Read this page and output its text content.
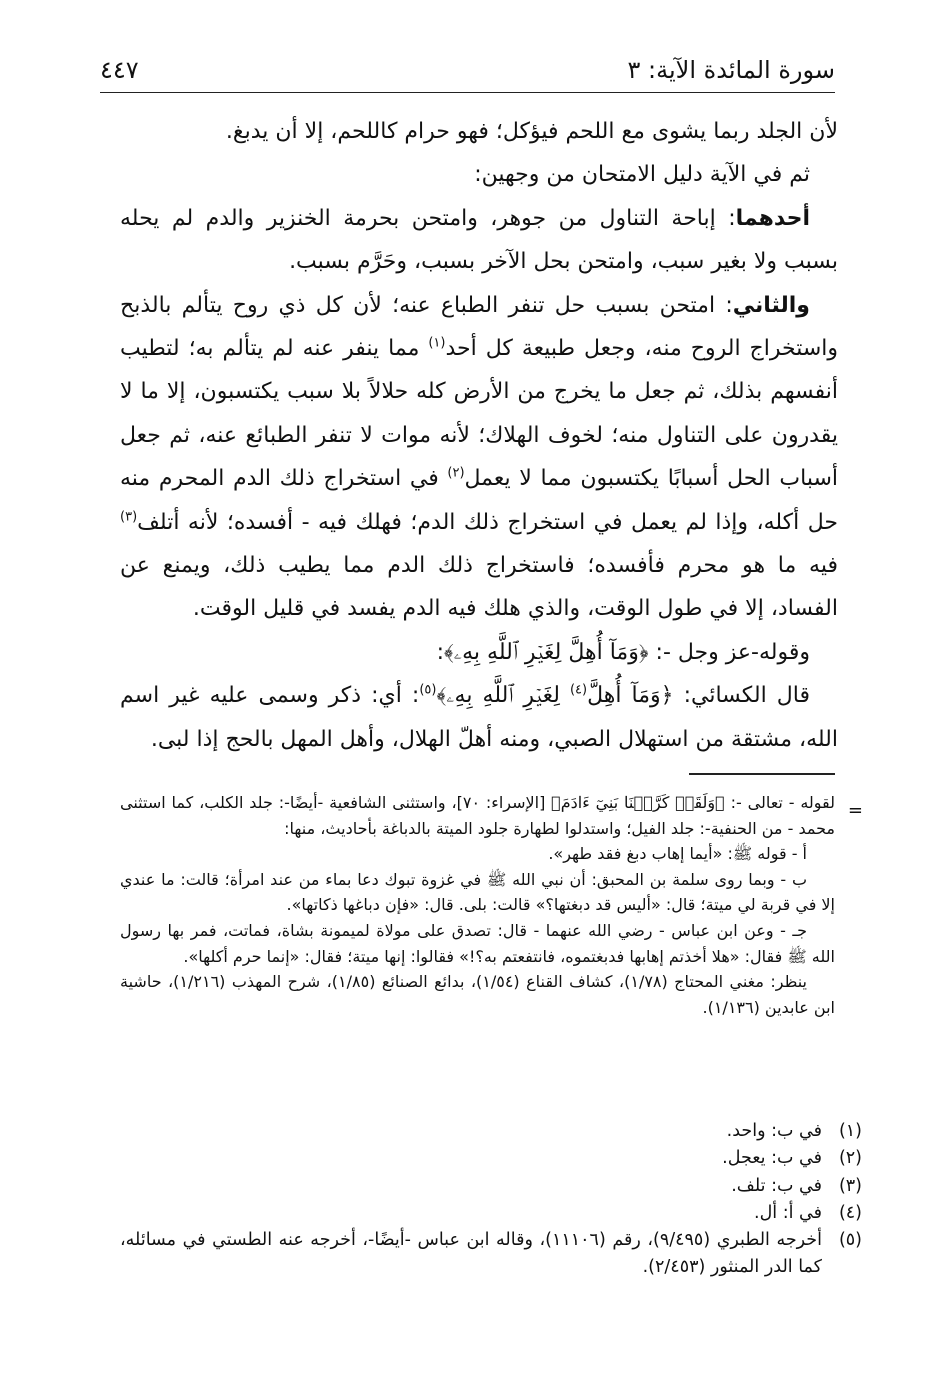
سورة المائدة الآية: ٣
٤٤٧

لأن الجلد ربما يشوى مع اللحم فيؤكل؛ فهو حرام كاللحم، إلا أن يدبغ.

ثم في الآية دليل الامتحان من وجهين:

أحدهما: إباحة التناول من جوهر، وامتحن بحرمة الخنزير والدم لم يحله بسبب ولا بغير سبب، وامتحن بحل الآخر بسبب، وحَرَّم بسبب.

والثاني: امتحن بسبب حل تنفر الطباع عنه؛ لأن كل ذي روح يتألم بالذبح واستخراج الروح منه، وجعل طبيعة كل أحد$^{(١)}$ مما ينفر عنه لم يتألم به؛ لتطيب أنفسهم بذلك، ثم جعل ما يخرج من الأرض كله حلالاً بلا سبب يكتسبون، إلا ما لا يقدرون على التناول منه؛ لخوف الهلاك؛ لأنه موات لا تنفر الطبائع عنه، ثم جعل أسباب الحل أسبابًا يكتسبون مما لا يعمل$^{(٢)}$ في استخراج ذلك الدم المحرم منه حل أكله، وإذا لم يعمل في استخراج ذلك الدم؛ فهلك فيه - أفسده؛ لأنه أتلف$^{(٣)}$ فيه ما هو محرم فأفسده؛ فاستخراج ذلك الدم مما يطيب ذلك، ويمنع عن الفساد، إلا في طول الوقت، والذي هلك فيه الدم يفسد في قليل الوقت.

وقوله-عز وجل -: ﴿وَمَآ أُهِلَّ لِغَيۡرِ ٱللَّهِ بِهِۦ﴾:

قال الكسائي: ﴿وَمَآ أُهِلَّ$^{(٤)}$ لِغَيۡرِ ٱللَّهِ بِهِۦ﴾$^{(٥)}$: أي: ذكر وسمى عليه غير اسم الله، مشتقة من استهلال الصبي، ومنه أهلّ الهلال، وأهل المهل بالحج إذا لبى.

=

لقوله - تعالى -: ﴿وَلَقَدۡ كَرَّمۡنَا بَنِيٓ ءَادَمَ﴾ [الإسراء: ٧٠]، واستثنى الشافعية -أيضًا-: جلد الكلب، كما استثنى محمد - من الحنفية-: جلد الفيل؛ واستدلوا لطهارة جلود الميتة بالدباغة بأحاديث، منها:

أ - قوله ﷺ: «أيما إهاب دبغ فقد طهر».

ب - وبما روى سلمة بن المحبق: أن نبي الله ﷺ في غزوة تبوك دعا بماء من عند امرأة؛ قالت: ما عندي إلا في قربة لي ميتة؛ قال: «أليس قد دبغتها؟» قالت: بلى. قال: «فإن دباغها ذكاتها».

جـ - وعن ابن عباس - رضي الله عنهما - قال: تصدق على مولاة لميمونة بشاة، فماتت، فمر بها رسول الله ﷺ فقال: «هلا أخذتم إهابها فدبغتموه، فانتفعتم به؟!» فقالوا: إنها ميتة؛ فقال: «إنما حرم أكلها».

ينظر: مغني المحتاج (١/٧٨)، كشاف القناع (١/٥٤)، بدائع الصنائع (١/٨٥)، شرح المهذب (١/٢١٦)، حاشية ابن عابدين (١/١٣٦).

(١)
في ب: واحد.
(٢)
في ب: يعجل.
(٣)
في ب: تلف.
(٤)
في أ: أل.
(٥)
أخرجه الطبري (٩/٤٩٥)، رقم (١١١٠٦)، وقاله ابن عباس -أيضًا-، أخرجه عنه الطستي في مسائله، كما الدر المنثور (٢/٤٥٣).
